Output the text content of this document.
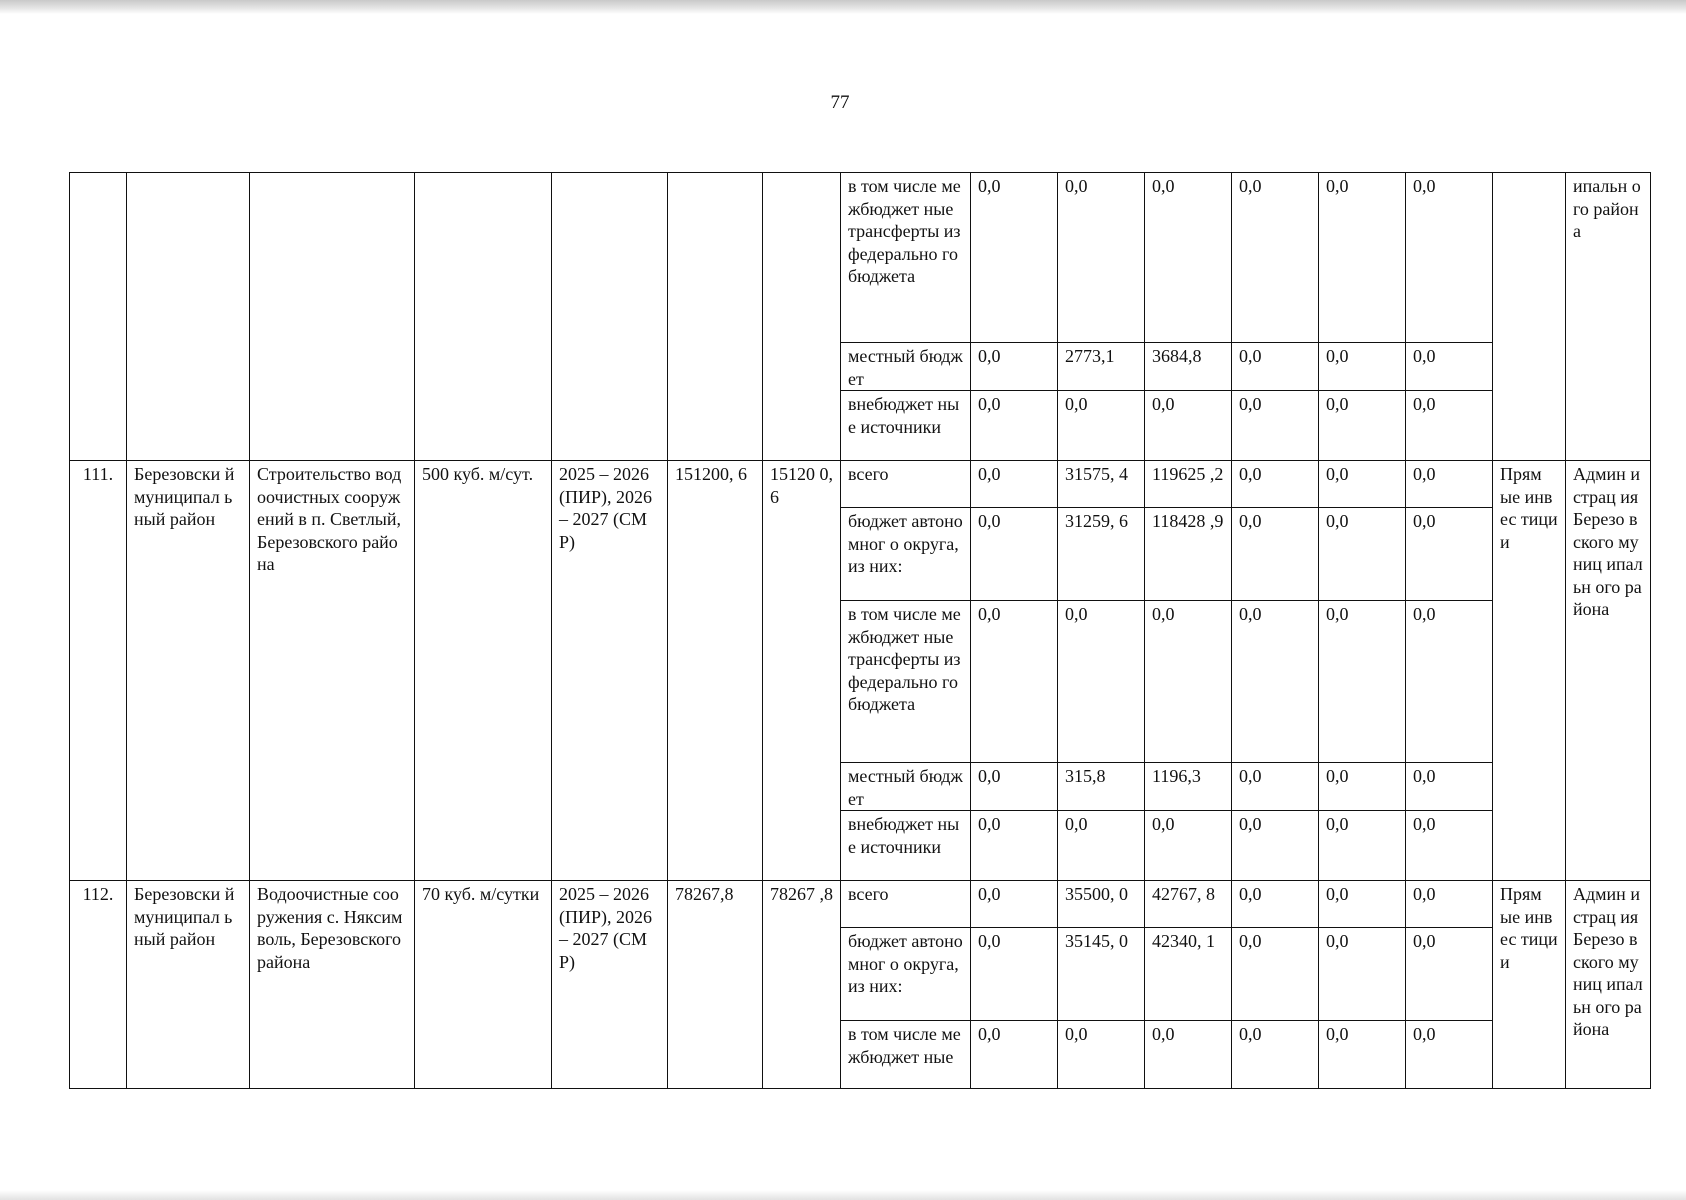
77
							в том числе межбюджет ные трансферты из федерально го бюджета	0,0	0,0	0,0	0,0	0,0	0,0		ипальн ого района
							местный бюджет	0,0	2773,1	3684,8	0,0	0,0	0,0		
							внебюджет ные источники	0,0	0,0	0,0	0,0	0,0	0,0		
111.	Березовски й муниципал ьный район	Строительство водоочистных сооружений в п. Светлый, Березовского района	500 куб. м/сут.	2025 – 2026 (ПИР), 2026 – 2027 (СМР)	151200, 6	15120 0,6	всего	0,0	31575, 4	119625 ,2	0,0	0,0	0,0	Прям ые инвес тици и	Админ истрац ия Березо вского муниц ипальн ого района
							бюджет автономног о округа, из них:	0,0	31259, 6	118428 ,9	0,0	0,0	0,0		
							в том числе межбюджет ные трансферты из федерально го бюджета	0,0	0,0	0,0	0,0	0,0	0,0		
							местный бюджет	0,0	315,8	1196,3	0,0	0,0	0,0		
							внебюджет ные источники	0,0	0,0	0,0	0,0	0,0	0,0		
112.	Березовски й муниципал ьный район	Водоочистные сооружения с. Няксимволь, Березовского района	70 куб. м/сутки	2025 – 2026 (ПИР), 2026 – 2027 (СМР)	78267,8	78267 ,8	всего	0,0	35500, 0	42767, 8	0,0	0,0	0,0	Прям ые инвес тици и	Админ истрац ия Березо вского муниц ипальн ого района
							бюджет автономног о округа, из них:	0,0	35145, 0	42340, 1	0,0	0,0	0,0		
							в том числе межбюджет ные	0,0	0,0	0,0	0,0	0,0	0,0		
